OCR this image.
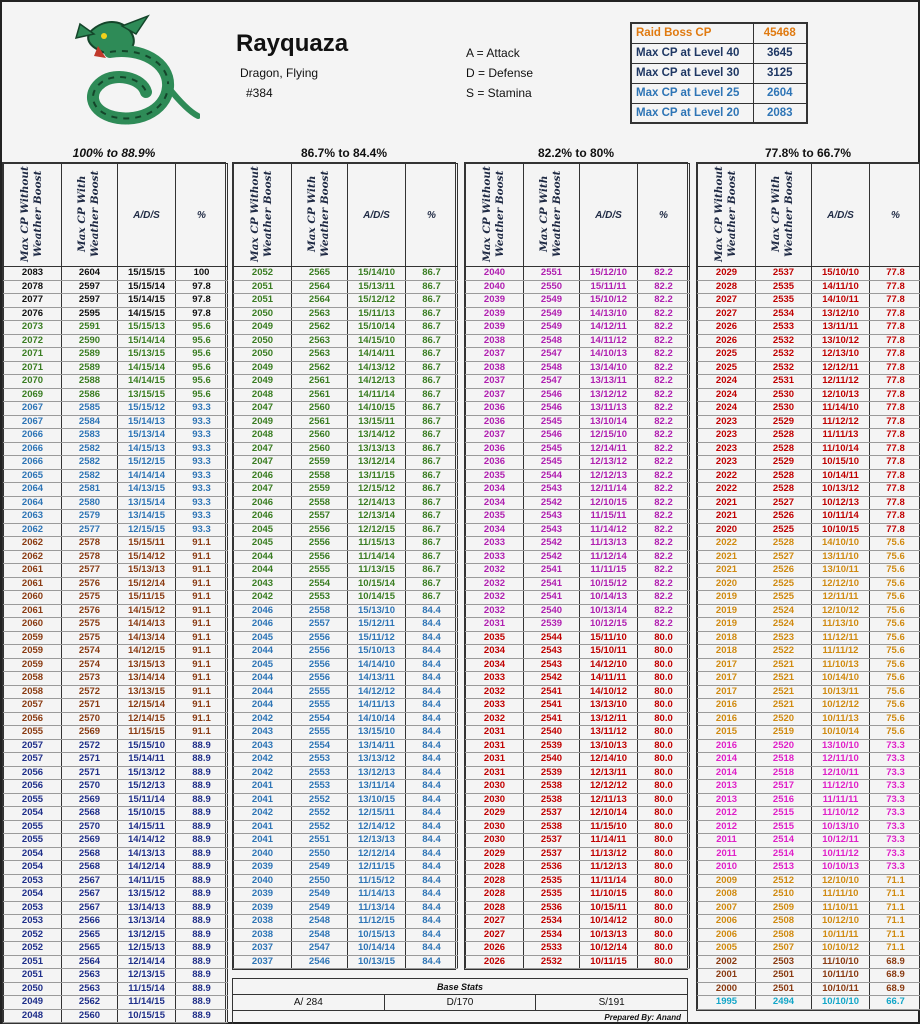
Rayquaza
Dragon, Flying
#384
A = Attack
D = Defense
S = Stamina
Raid Boss CP	45468
Max CP at Level 40	3645
Max CP at Level 30	3125
Max CP at Level 25	2604
Max CP at Level 20	2083
100% to 88.9%	86.7% to 84.4%	82.2% to 80%	77.8% to 66.7%
Max CP Without Weather Boost	Max CP With Weather Boost	A/D/S	%
2083	2604	15/15/15	100
2078	2597	15/15/14	97.8
2077	2597	15/14/15	97.8
2076	2595	14/15/15	97.8
2073	2591	15/15/13	95.6
2072	2590	15/14/14	95.6
2071	2589	15/13/15	95.6
2071	2589	14/15/14	95.6
2070	2588	14/14/15	95.6
2069	2586	13/15/15	95.6
2067	2585	15/15/12	93.3
2067	2584	15/14/13	93.3
2066	2583	15/13/14	93.3
2066	2582	14/15/13	93.3
2066	2582	15/12/15	93.3
2065	2582	14/14/14	93.3
2064	2581	14/13/15	93.3
2064	2580	13/15/14	93.3
2063	2579	13/14/15	93.3
2062	2577	12/15/15	93.3
2062	2578	15/15/11	91.1
2062	2578	15/14/12	91.1
2061	2577	15/13/13	91.1
2061	2576	15/12/14	91.1
2060	2575	15/11/15	91.1
2061	2576	14/15/12	91.1
2060	2575	14/14/13	91.1
2059	2575	14/13/14	91.1
2059	2574	14/12/15	91.1
2059	2574	13/15/13	91.1
2058	2573	13/14/14	91.1
2058	2572	13/13/15	91.1
2057	2571	12/15/14	91.1
2056	2570	12/14/15	91.1
2055	2569	11/15/15	91.1
2057	2572	15/15/10	88.9
2057	2571	15/14/11	88.9
2056	2571	15/13/12	88.9
2056	2570	15/12/13	88.9
2055	2569	15/11/14	88.9
2054	2568	15/10/15	88.9
2055	2570	14/15/11	88.9
2055	2569	14/14/12	88.9
2054	2568	14/13/13	88.9
2054	2568	14/12/14	88.9
2053	2567	14/11/15	88.9
2054	2567	13/15/12	88.9
2053	2567	13/14/13	88.9
2053	2566	13/13/14	88.9
2052	2565	13/12/15	88.9
2052	2565	12/15/13	88.9
2051	2564	12/14/14	88.9
2051	2563	12/13/15	88.9
2050	2563	11/15/14	88.9
2049	2562	11/14/15	88.9
2048	2560	10/15/15	88.9
Max CP Without Weather Boost	Max CP With Weather Boost	A/D/S	%
2052	2565	15/14/10	86.7
2051	2564	15/13/11	86.7
2051	2564	15/12/12	86.7
2050	2563	15/11/13	86.7
2049	2562	15/10/14	86.7
2050	2563	14/15/10	86.7
2050	2563	14/14/11	86.7
2049	2562	14/13/12	86.7
2049	2561	14/12/13	86.7
2048	2561	14/11/14	86.7
2047	2560	14/10/15	86.7
2049	2561	13/15/11	86.7
2048	2560	13/14/12	86.7
2047	2560	13/13/13	86.7
2047	2559	13/12/14	86.7
2046	2558	13/11/15	86.7
2047	2559	12/15/12	86.7
2046	2558	12/14/13	86.7
2046	2557	12/13/14	86.7
2045	2556	12/12/15	86.7
2045	2556	11/15/13	86.7
2044	2556	11/14/14	86.7
2044	2555	11/13/15	86.7
2043	2554	10/15/14	86.7
2042	2553	10/14/15	86.7
2046	2558	15/13/10	84.4
2046	2557	15/12/11	84.4
2045	2556	15/11/12	84.4
2044	2556	15/10/13	84.4
2045	2556	14/14/10	84.4
2044	2556	14/13/11	84.4
2044	2555	14/12/12	84.4
2044	2555	14/11/13	84.4
2042	2554	14/10/14	84.4
2043	2555	13/15/10	84.4
2043	2554	13/14/11	84.4
2042	2553	13/13/12	84.4
2042	2553	13/12/13	84.4
2041	2553	13/11/14	84.4
2041	2552	13/10/15	84.4
2042	2552	12/15/11	84.4
2041	2552	12/14/12	84.4
2041	2551	12/13/13	84.4
2040	2550	12/12/14	84.4
2039	2549	12/11/15	84.4
2040	2550	11/15/12	84.4
2039	2549	11/14/13	84.4
2039	2549	11/13/14	84.4
2038	2548	11/12/15	84.4
2038	2548	10/15/13	84.4
2037	2547	10/14/14	84.4
2037	2546	10/13/15	84.4
Max CP Without Weather Boost	Max CP With Weather Boost	A/D/S	%
2040	2551	15/12/10	82.2
2040	2550	15/11/11	82.2
2039	2549	15/10/12	82.2
2039	2549	14/13/10	82.2
2039	2549	14/12/11	82.2
2038	2548	14/11/12	82.2
2037	2547	14/10/13	82.2
2038	2548	13/14/10	82.2
2037	2547	13/13/11	82.2
2037	2546	13/12/12	82.2
2036	2546	13/11/13	82.2
2036	2545	13/10/14	82.2
2037	2546	12/15/10	82.2
2036	2545	12/14/11	82.2
2036	2545	12/13/12	82.2
2035	2544	12/12/13	82.2
2034	2543	12/11/14	82.2
2034	2542	12/10/15	82.2
2035	2543	11/15/11	82.2
2034	2543	11/14/12	82.2
2033	2542	11/13/13	82.2
2033	2542	11/12/14	82.2
2032	2541	11/11/15	82.2
2032	2541	10/15/12	82.2
2032	2541	10/14/13	82.2
2032	2540	10/13/14	82.2
2031	2539	10/12/15	82.2
2035	2544	15/11/10	80.0
2034	2543	15/10/11	80.0
2034	2543	14/12/10	80.0
2033	2542	14/11/11	80.0
2032	2541	14/10/12	80.0
2033	2541	13/13/10	80.0
2032	2541	13/12/11	80.0
2031	2540	13/11/12	80.0
2031	2539	13/10/13	80.0
2031	2540	12/14/10	80.0
2031	2539	12/13/11	80.0
2030	2538	12/12/12	80.0
2030	2538	12/11/13	80.0
2029	2537	12/10/14	80.0
2030	2538	11/15/10	80.0
2030	2537	11/14/11	80.0
2029	2537	11/13/12	80.0
2028	2536	11/12/13	80.0
2028	2535	11/11/14	80.0
2028	2535	11/10/15	80.0
2028	2536	10/15/11	80.0
2027	2534	10/14/12	80.0
2027	2534	10/13/13	80.0
2026	2533	10/12/14	80.0
2026	2532	10/11/15	80.0
Max CP Without Weather Boost	Max CP With Weather Boost	A/D/S	%
2029	2537	15/10/10	77.8
2028	2535	14/11/10	77.8
2027	2535	14/10/11	77.8
2027	2534	13/12/10	77.8
2026	2533	13/11/11	77.8
2026	2532	13/10/12	77.8
2025	2532	12/13/10	77.8
2025	2532	12/12/11	77.8
2024	2531	12/11/12	77.8
2024	2530	12/10/13	77.8
2024	2530	11/14/10	77.8
2023	2529	11/12/12	77.8
2023	2528	11/11/13	77.8
2023	2528	11/10/14	77.8
2023	2529	10/15/10	77.8
2022	2528	10/14/11	77.8
2022	2528	10/13/12	77.8
2021	2527	10/12/13	77.8
2021	2526	10/11/14	77.8
2020	2525	10/10/15	77.8
2022	2528	14/10/10	75.6
2021	2527	13/11/10	75.6
2021	2526	13/10/11	75.6
2020	2525	12/12/10	75.6
2019	2525	12/11/11	75.6
2019	2524	12/10/12	75.6
2019	2524	11/13/10	75.6
2018	2523	11/12/11	75.6
2018	2522	11/11/12	75.6
2017	2521	11/10/13	75.6
2017	2521	10/14/10	75.6
2017	2521	10/13/11	75.6
2016	2521	10/12/12	75.6
2016	2520	10/11/13	75.6
2015	2519	10/10/14	75.6
2016	2520	13/10/10	73.3
2014	2518	12/11/10	73.3
2014	2518	12/10/11	73.3
2013	2517	11/12/10	73.3
2013	2516	11/11/11	73.3
2012	2515	11/10/12	73.3
2012	2515	10/13/10	73.3
2011	2514	10/12/11	73.3
2011	2514	10/11/12	73.3
2010	2513	10/10/13	73.3
2009	2512	12/10/10	71.1
2008	2510	11/11/10	71.1
2007	2509	11/10/11	71.1
2006	2508	10/12/10	71.1
2006	2508	10/11/11	71.1
2005	2507	10/10/12	71.1
2002	2503	11/10/10	68.9
2001	2501	10/11/10	68.9
2000	2501	10/10/11	68.9
1995	2494	10/10/10	66.7
Base Stats
A/ 284	D/170	S/191
Prepared By: Anand
